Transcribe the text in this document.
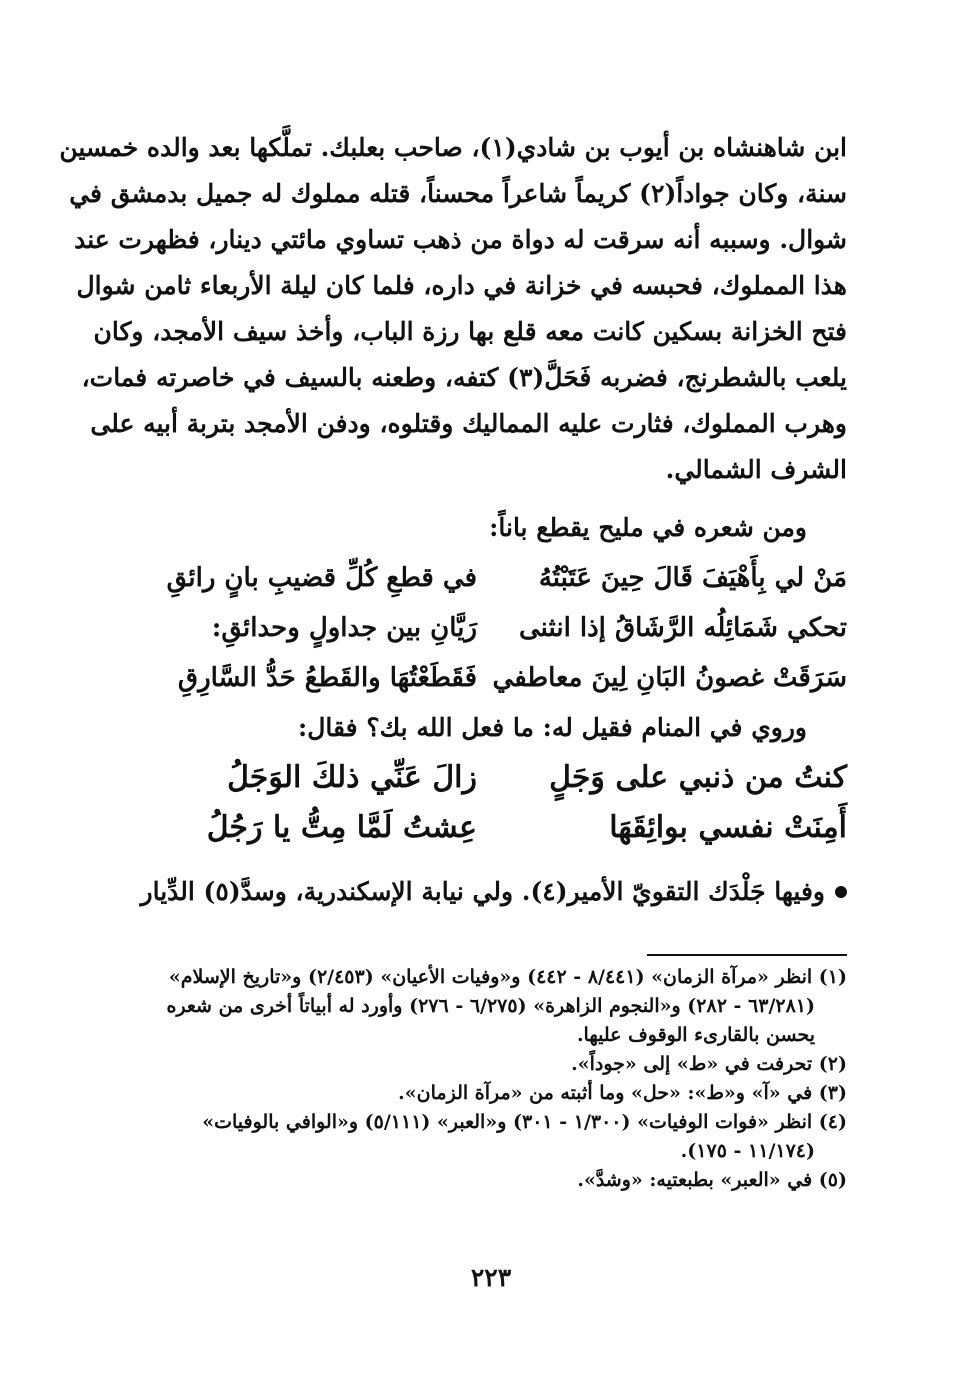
ابن شاهنشاه بن أيوب بن شادي(١)، صاحب بعلبك. تملَّكها بعد والده خمسين
سنة، وكان جواداً(٢) كريماً شاعراً محسناً، قتله مملوك له جميل بدمشق في
شوال. وسببه أنه سرقت له دواة من ذهب تساوي مائتي دينار، فظهرت عند
هذا المملوك، فحبسه في خزانة في داره، فلما كان ليلة الأربعاء ثامن شوال
فتح الخزانة بسكين كانت معه قلع بها رزة الباب، وأخذ سيف الأمجد، وكان
يلعب بالشطرنج، فضربه فَحَلَّ(٣) كتفه، وطعنه بالسيف في خاصرته فمات،
وهرب المملوك، فثارت عليه المماليك وقتلوه، ودفن الأمجد بتربة أبيه على
الشرف الشمالي.
ومن شعره في مليح يقطع باناً:
مَنْ لي بِأَهْيَفَ قَالَ حِينَ عَتَبْتُهُ
في قطعِ كُلِّ قضيبِ بانٍ رائقِ
تحكي شَمَائِلُه الرَّشَاقُ إذا انثنى
رَيَّانِ بين جداولٍ وحدائقِ:
سَرَقَتْ غصونُ البَانِ لِينَ معاطفي
فَقَطَعْتُهَا والقَطعُ حَدُّ السَّارِقِ
وروي في المنام فقيل له: ما فعل الله بك؟ فقال:
كنتُ من ذنبي على وَجَلٍ
زالَ عَنِّي ذلكَ الوَجَلُ
أَمِنَتْ نفسي بوائِقَهَا
عِشتُ لَمَّا مِتُّ يا رَجُلُ
وفيها جَلْدَك التقويّ الأمير(٤). ولي نيابة الإسكندرية، وسدَّ(٥) الدِّيار
(١) انظر «مرآة الزمان» (٨/٤٤١ - ٤٤٢) و«وفيات الأعيان» (٢/٤٥٣) و«تاريخ الإسلام»
(٦٣/٢٨١ - ٢٨٢) و«النجوم الزاهرة» (٦/٢٧٥ - ٢٧٦) وأورد له أبياتاً أخرى من شعره
يحسن بالقارىء الوقوف عليها.
(٢) تحرفت في «ط» إلى «جوداً».
(٣) في «آ» و«ط»: «حل» وما أثبته من «مرآة الزمان».
(٤) انظر «فوات الوفيات» (١/٣٠٠ - ٣٠١) و«العبر» (٥/١١١) و«الوافي بالوفيات»
(١١/١٧٤ - ١٧٥).
(٥) في «العبر» بطبعتيه: «وشدَّ».
٢٢٣
